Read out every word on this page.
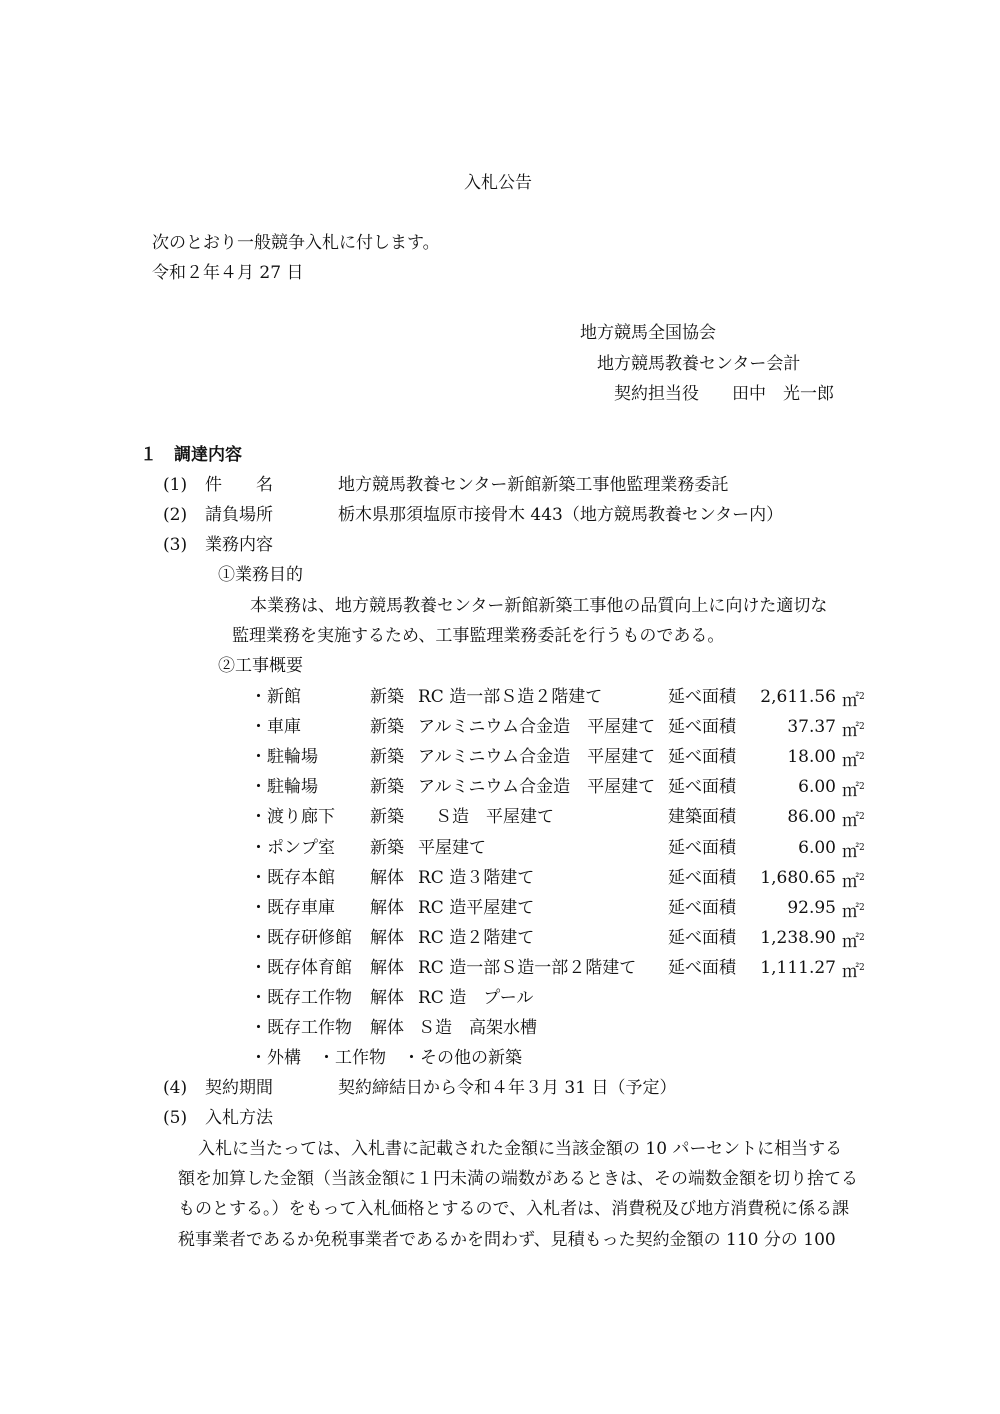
入札公告
次のとおり一般競争入札に付します。
令和２年４月 27 日
地方競馬全国協会
地方競馬教養センター会計
契約担当役 田中　光一郎
１　調達内容
(1) 件　　名	地方競馬教養センター新館新築工事他監理業務委託
(2) 請負場所	栃木県那須塩原市接骨木 443（地方競馬教養センター内）
(3) 業務内容
①業務目的
本業務は、地方競馬教養センター新館新築工事他の品質向上に向けた適切な
監理業務を実施するため、工事監理業務委託を行うものである。
②工事概要
・新館	新築 RC 造一部Ｓ造２階建て	延べ面積 2,611.56 ㎡$^2$
・車庫	新築 アルミニウム合金造　平屋建て 延べ面積	37.37 ㎡$^2$
・駐輪場	新築 アルミニウム合金造　平屋建て 延べ面積	18.00 ㎡$^2$
・駐輪場	新築 アルミニウム合金造　平屋建て 延べ面積	6.00 ㎡$^2$
・渡り廊下 新築 　Ｓ造　平屋建て	建築面積	86.00 ㎡$^2$
・ポンプ室 新築 平屋建て	延べ面積	6.00 ㎡$^2$
・既存本館 解体 RC 造３階建て	延べ面積 1,680.65 ㎡$^2$
・既存車庫 解体 RC 造平屋建て	延べ面積	92.95 ㎡$^2$
・既存研修館 解体 RC 造２階建て	延べ面積 1,238.90 ㎡$^2$
・既存体育館 解体 RC 造一部Ｓ造一部２階建て 延べ面積 1,111.27 ㎡$^2$
・既存工作物 解体 RC 造　プール
・既存工作物 解体 Ｓ造　高架水槽
・外構　・工作物　・その他の新築
(4) 契約期間	契約締結日から令和４年３月 31 日（予定）
(5) 入札方法
入札に当たっては、入札書に記載された金額に当該金額の 10 パーセントに相当する
額を加算した金額（当該金額に１円未満の端数があるときは、その端数金額を切り捨てる
ものとする。）をもって入札価格とするので、入札者は、消費税及び地方消費税に係る課
税事業者であるか免税事業者であるかを問わず、見積もった契約金額の 110 分の 100
